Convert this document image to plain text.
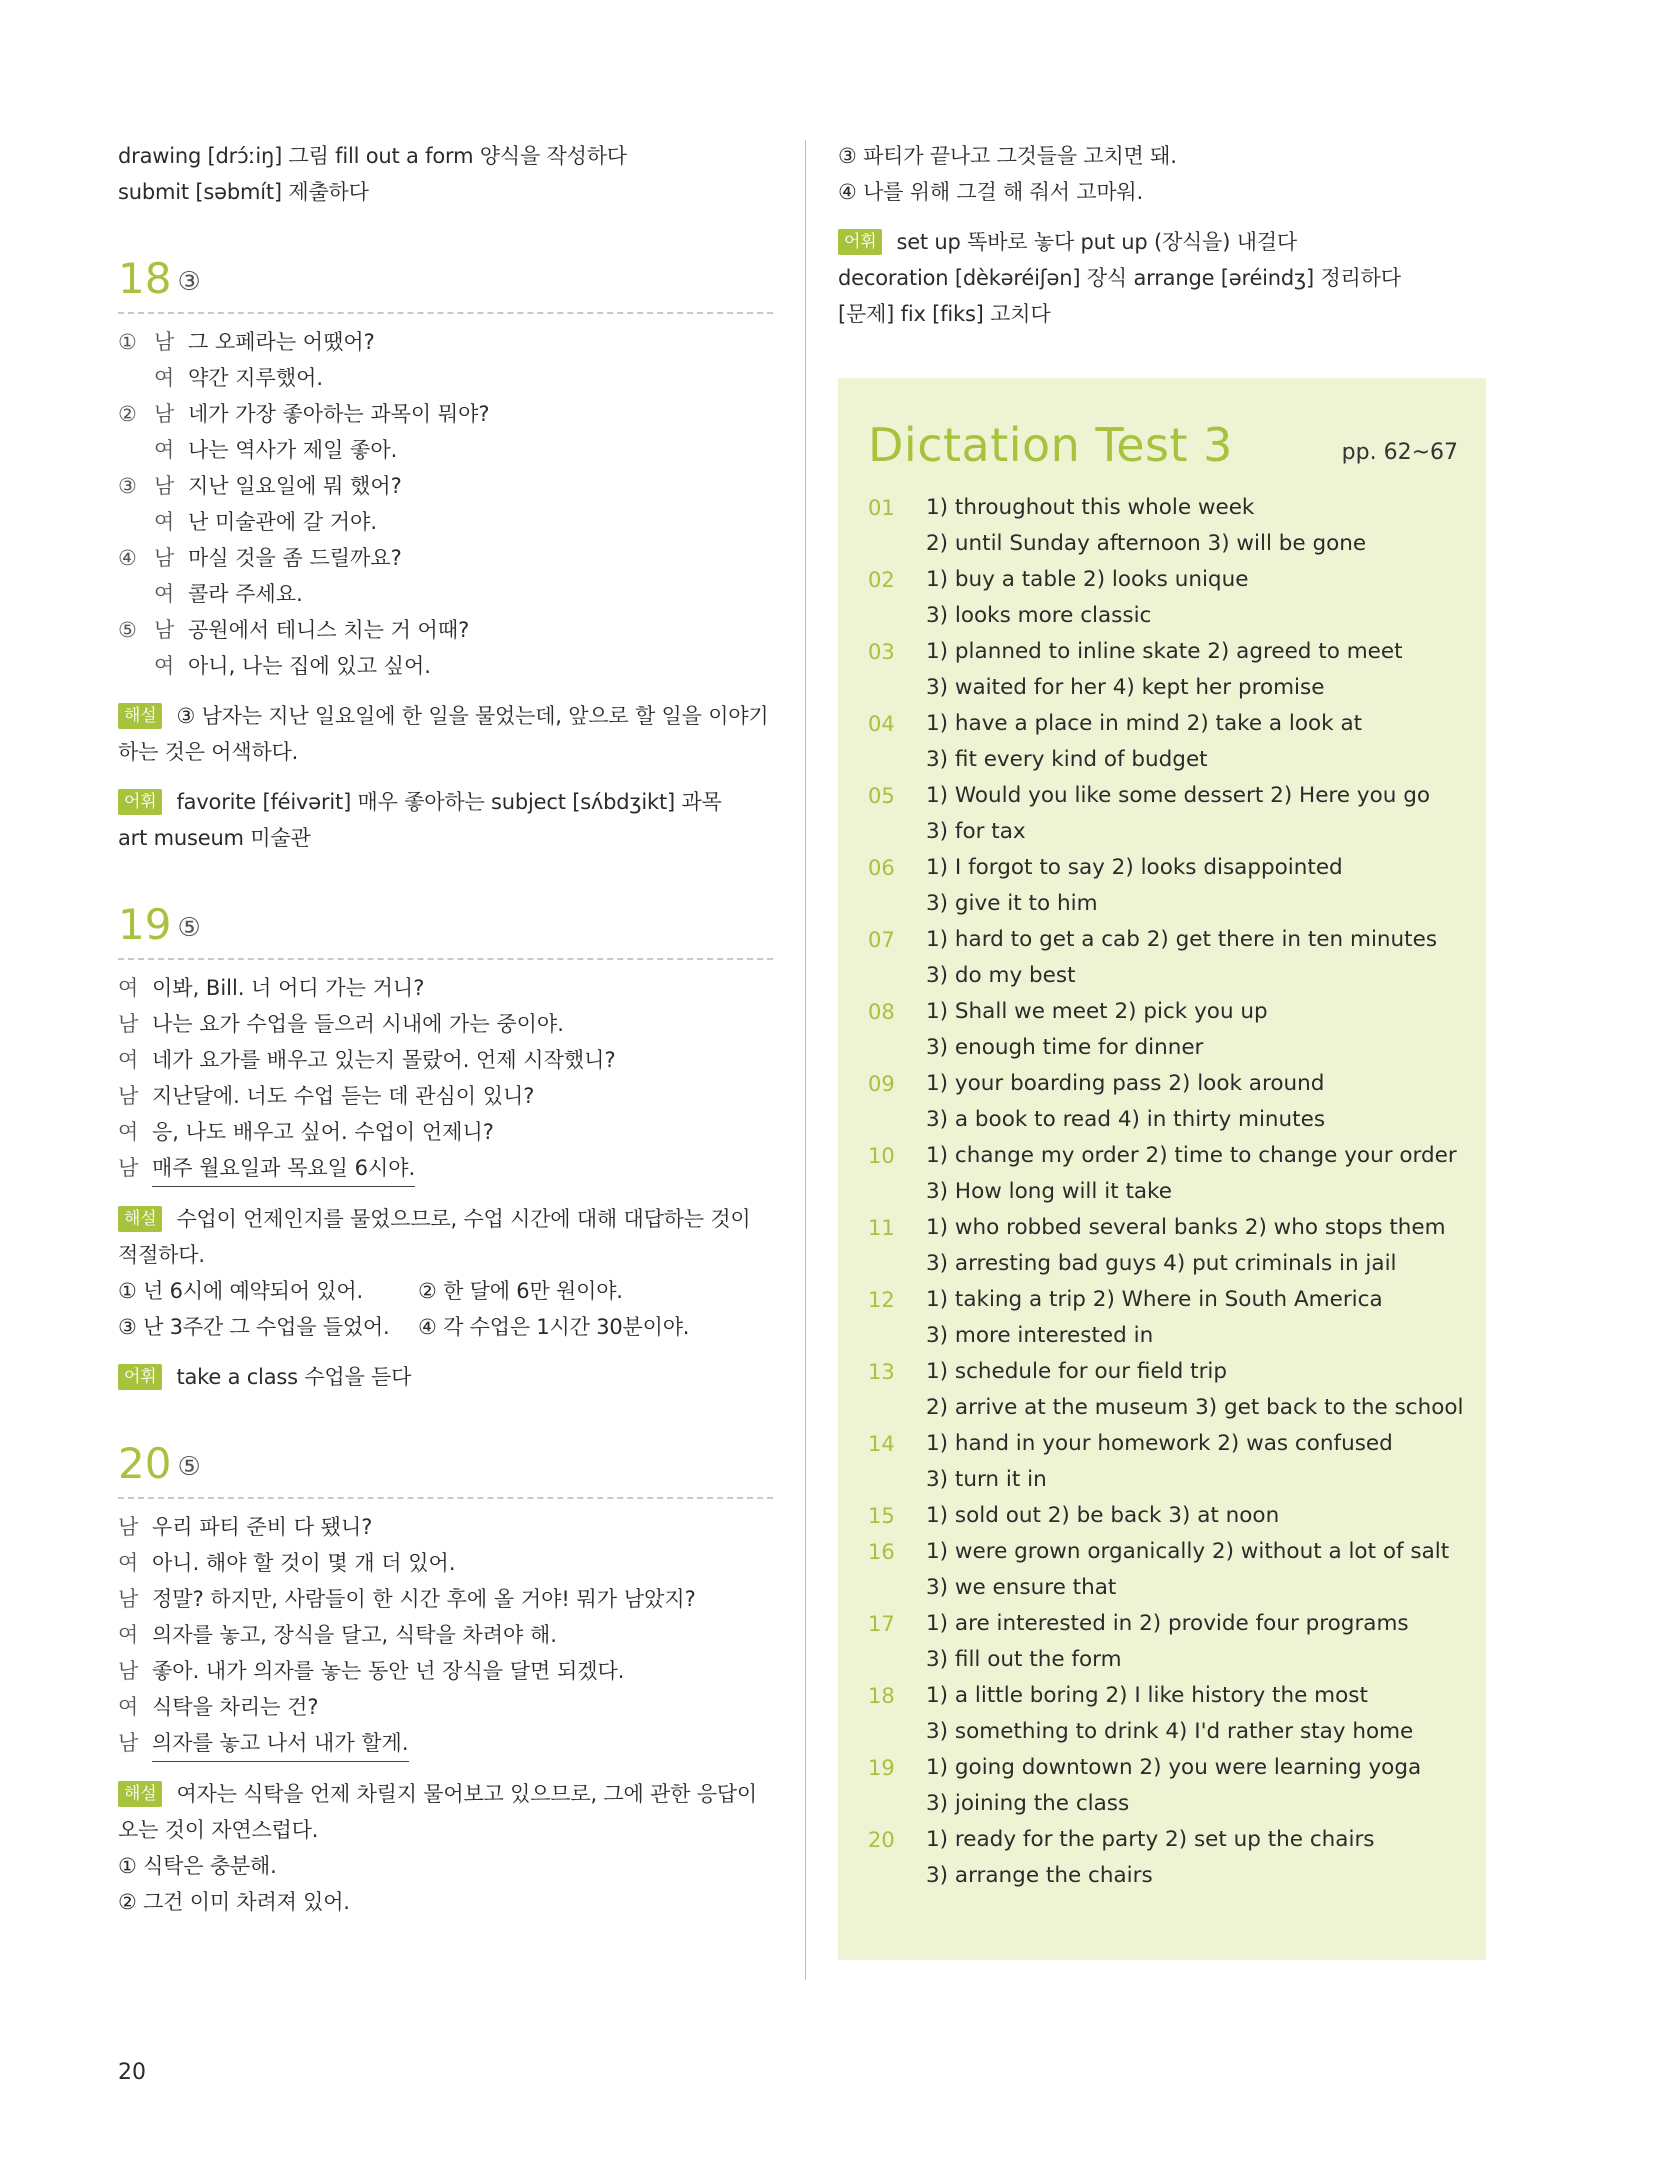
drawing [drɔ́ːiŋ] 그림 fill out a form 양식을 작성하다
submit [səbmít] 제출하다
18 ③
① 남 그 오페라는 어땠어?
여 약간 지루했어.
② 남 네가 가장 좋아하는 과목이 뭐야?
여 나는 역사가 제일 좋아.
③ 남 지난 일요일에 뭐 했어?
여 난 미술관에 갈 거야.
④ 남 마실 것을 좀 드릴까요?
여 콜라 주세요.
⑤ 남 공원에서 테니스 치는 거 어때?
여 아니, 나는 집에 있고 싶어.
해설 ③ 남자는 지난 일요일에 한 일을 물었는데, 앞으로 할 일을 이야기하는 것은 어색하다.
어휘 favorite [féivərit] 매우 좋아하는 subject [sʌ́bdʒikt] 과목
art museum 미술관
19 ⑤
여 이봐, Bill. 너 어디 가는 거니?
남 나는 요가 수업을 들으러 시내에 가는 중이야.
여 네가 요가를 배우고 있는지 몰랐어. 언제 시작했니?
남 지난달에. 너도 수업 듣는 데 관심이 있니?
여 응, 나도 배우고 싶어. 수업이 언제니?
남 매주 월요일과 목요일 6시야.
해설 수업이 언제인지를 물었으므로, 수업 시간에 대해 대답하는 것이 적절하다.
① 넌 6시에 예약되어 있어.	② 한 달에 6만 원이야.
③ 난 3주간 그 수업을 들었어.	④ 각 수업은 1시간 30분이야.
어휘 take a class 수업을 듣다
20 ⑤
남 우리 파티 준비 다 됐니?
여 아니. 해야 할 것이 몇 개 더 있어.
남 정말? 하지만, 사람들이 한 시간 후에 올 거야! 뭐가 남았지?
여 의자를 놓고, 장식을 달고, 식탁을 차려야 해.
남 좋아. 내가 의자를 놓는 동안 넌 장식을 달면 되겠다.
여 식탁을 차리는 건?
남 의자를 놓고 나서 내가 할게.
해설 여자는 식탁을 언제 차릴지 물어보고 있으므로, 그에 관한 응답이 오는 것이 자연스럽다.
① 식탁은 충분해.
② 그건 이미 차려져 있어.
③ 파티가 끝나고 그것들을 고치면 돼.
④ 나를 위해 그걸 해 줘서 고마워.
어휘 set up 똑바로 놓다 put up (장식을) 내걸다
decoration [dèkəréiʃən] 장식 arrange [əréindʒ] 정리하다
[문제] fix [fiks] 고치다
Dictation Test 3	pp. 62~67
01	1) throughout this whole week
2) until Sunday afternoon 3) will be gone
02	1) buy a table 2) looks unique
3) looks more classic
03	1) planned to inline skate 2) agreed to meet
3) waited for her 4) kept her promise
04	1) have a place in mind 2) take a look at
3) fit every kind of budget
05	1) Would you like some dessert 2) Here you go
3) for tax
06	1) I forgot to say 2) looks disappointed
3) give it to him
07	1) hard to get a cab 2) get there in ten minutes
3) do my best
08	1) Shall we meet 2) pick you up
3) enough time for dinner
09	1) your boarding pass 2) look around
3) a book to read 4) in thirty minutes
10	1) change my order 2) time to change your order
3) How long will it take
11	1) who robbed several banks 2) who stops them
3) arresting bad guys 4) put criminals in jail
12	1) taking a trip 2) Where in South America
3) more interested in
13	1) schedule for our field trip
2) arrive at the museum 3) get back to the school
14	1) hand in your homework 2) was confused
3) turn it in
15	1) sold out 2) be back 3) at noon
16	1) were grown organically 2) without a lot of salt
3) we ensure that
17	1) are interested in 2) provide four programs
3) fill out the form
18	1) a little boring 2) I like history the most
3) something to drink 4) I'd rather stay home
19	1) going downtown 2) you were learning yoga
3) joining the class
20	1) ready for the party 2) set up the chairs
3) arrange the chairs
20
